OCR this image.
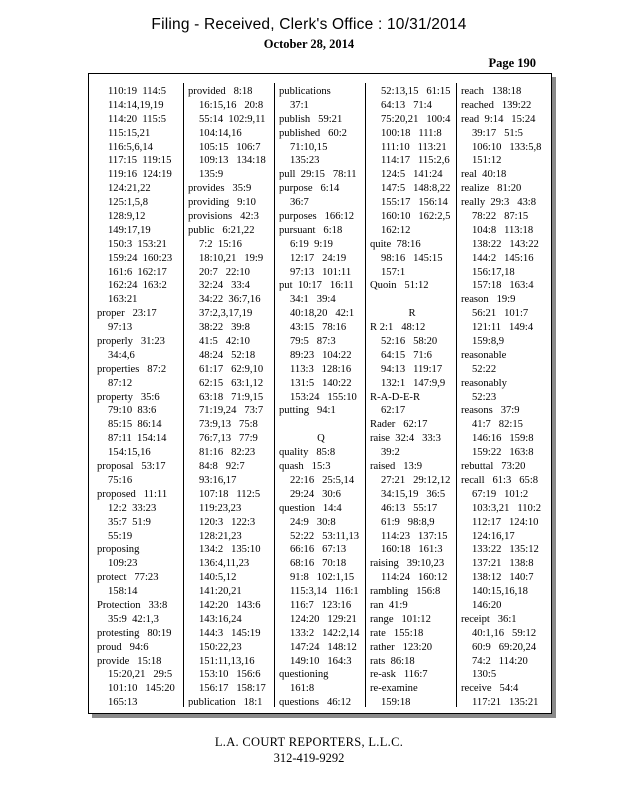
Filing - Received, Clerk's Office : 10/31/2014
October 28, 2014
Page 190
110:19  114:5
114:14,19,19
114:20  115:5
115:15,21
116:5,6,14
117:15  119:15
119:16  124:19
124:21,22
125:1,5,8
128:9,12
149:17,19
150:3  153:21
159:24  160:23
161:6  162:17
162:24  163:2
163:21
proper   23:17
97:13
properly   31:23
34:4,6
properties   87:2
87:12
property   35:6
79:10  83:6
85:15  86:14
87:11  154:14
154:15,16
proposal   53:17
75:16
proposed   11:11
12:2  33:23
35:7  51:9
55:19
proposing
109:23
protect   77:23
158:14
Protection   33:8
35:9  42:1,3
protesting   80:19
proud   94:6
provide   15:18
15:20,21   29:5
101:10   145:20
165:13
provided   8:18
16:15,16   20:8
55:14  102:9,11
104:14,16
105:15   106:7
109:13   134:18
135:9
provides   35:9
providing   9:10
provisions   42:3
public   6:21,22
7:2  15:16
18:10,21   19:9
20:7   22:10
32:24   33:4
34:22  36:7,16
37:2,3,17,19
38:22   39:8
41:5   42:10
48:24   52:18
61:17   62:9,10
62:15   63:1,12
63:18   71:9,15
71:19,24   73:7
73:9,13   75:8
76:7,13   77:9
81:16   82:23
84:8   92:7
93:16,17
107:18   112:5
119:23,23
120:3   122:3
128:21,23
134:2   135:10
136:4,11,23
140:5,12
141:20,21
142:20   143:6
143:16,24
144:3   145:19
150:22,23
151:11,13,16
153:10   156:6
156:17   158:17
publication   18:1
publications
37:1
publish   59:21
published   60:2
71:10,15
135:23
pull  29:15   78:11
purpose   6:14
36:7
purposes   166:12
pursuant   6:18
6:19  9:19
12:17   24:19
97:13   101:11
put  10:17   16:11
34:1   39:4
40:18,20   42:1
43:15   78:16
79:5   87:3
89:23   104:22
113:3   128:16
131:5   140:22
153:24   155:10
putting   94:1
Q
quality   85:8
quash   15:3
22:16   25:5,14
29:24   30:6
question   14:4
24:9   30:8
52:22   53:11,13
66:16   67:13
68:16   70:18
91:8   102:1,15
115:3,14   116:1
116:7   123:16
124:20   129:21
133:2   142:2,14
147:24   148:12
149:10   164:3
questioning
161:8
questions   46:12
52:13,15   61:15
64:13   71:4
75:20,21   100:4
100:18   111:8
111:10   113:21
114:17   115:2,6
124:5   141:24
147:5   148:8,22
155:17   156:14
160:10   162:2,5
162:12
quite  78:16
98:16   145:15
157:1
Quoin   51:12
R
R 2:1   48:12
52:16   58:20
64:15   71:6
94:13   119:17
132:1   147:9,9
R-A-D-E-R
62:17
Rader   62:17
raise  32:4   33:3
39:2
raised   13:9
27:21   29:12,12
34:15,19   36:5
46:13   55:17
61:9   98:8,9
114:23   137:15
160:18   161:3
raising   39:10,23
114:24   160:12
rambling   156:8
ran  41:9
range   101:12
rate   155:18
rather   123:20
rats  86:18
re-ask   116:7
re-examine
159:18
reach   138:18
reached   139:22
read  9:14   15:24
39:17   51:5
106:10   133:5,8
151:12
real  40:18
realize   81:20
really  29:3   43:8
78:22   87:15
104:8   113:18
138:22   143:22
144:2   145:16
156:17,18
157:18   163:4
reason   19:9
56:21   101:7
121:11   149:4
159:8,9
reasonable
52:22
reasonably
52:23
reasons   37:9
41:7   82:15
146:16   159:8
159:22   163:8
rebuttal   73:20
recall   61:3   65:8
67:19   101:2
103:3,21   110:2
112:17   124:10
124:16,17
133:22   135:12
137:21   138:8
138:12   140:7
140:15,16,18
146:20
receipt   36:1
40:1,16   59:12
60:9   69:20,24
74:2   114:20
130:5
receive   54:4
117:21   135:21
L.A. COURT REPORTERS, L.L.C.
312-419-9292
